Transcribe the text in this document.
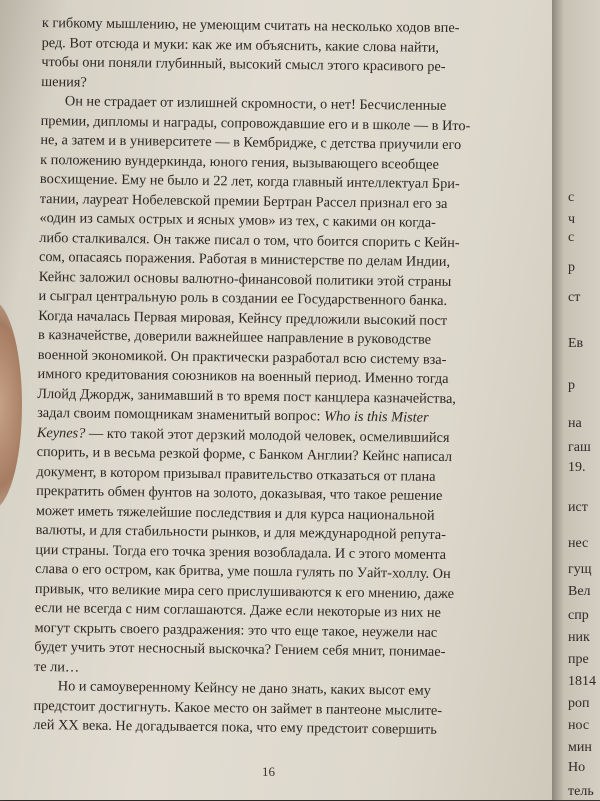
к гибкому мышлению, не умеющим считать на несколько ходов впе-
ред. Вот отсюда и муки: как же им объяснить, какие слова найти,
чтобы они поняли глубинный, высокий смысл этого красивого ре-
шения?
Он не страдает от излишней скромности, о нет! Бесчисленные
премии, дипломы и награды, сопровождавшие его и в школе — в Ито-
не, а затем и в университете — в Кембридже, с детства приучили его
к положению вундеркинда, юного гения, вызывающего всеобщее
восхищение. Ему не было и 22 лет, когда главный интеллектуал Бри-
тании, лауреат Нобелевской премии Бертран Рассел признал его за
«один из самых острых и ясных умов» из тех, с какими он когда-
либо сталкивался. Он также писал о том, что боится спорить с Кейн-
сом, опасаясь поражения. Работая в министерстве по делам Индии,
Кейнс заложил основы валютно-финансовой политики этой страны
и сыграл центральную роль в создании ее Государственного банка.
Когда началась Первая мировая, Кейнсу предложили высокий пост
в казначействе, доверили важнейшее направление в руководстве
военной экономикой. Он практически разработал всю систему вза-
имного кредитования союзников на военный период. Именно тогда
Ллойд Джордж, занимавший в то время пост канцлера казначейства,
задал своим помощникам знаменитый вопрос: Who is this Mister
Keynes? — кто такой этот дерзкий молодой человек, осмелившийся
спорить, и в весьма резкой форме, с Банком Англии? Кейнс написал
документ, в котором призывал правительство отказаться от плана
прекратить обмен фунтов на золото, доказывая, что такое решение
может иметь тяжелейшие последствия и для курса национальной
валюты, и для стабильности рынков, и для международной репута-
ции страны. Тогда его точка зрения возобладала. И с этого момента
слава о его остром, как бритва, уме пошла гулять по Уайт-холлу. Он
привык, что великие мира сего прислушиваются к его мнению, даже
если не всегда с ним соглашаются. Даже если некоторые из них не
могут скрыть своего раздражения: это что еще такое, неужели нас
будет учить этот несносный выскочка? Гением себя мнит, понимае-
те ли…
Но и самоуверенному Кейнсу не дано знать, каких высот ему
предстоит достигнуть. Какое место он займет в пантеоне мыслите-
лей XX века. Не догадывается пока, что ему предстоит совершить
16
с
ч
с
р
ст
Ев
р
на
гаш
19.
ист
нес
гущ
Вел
спр
ник
пре
1814
роп
нос
мин
Но
тель
